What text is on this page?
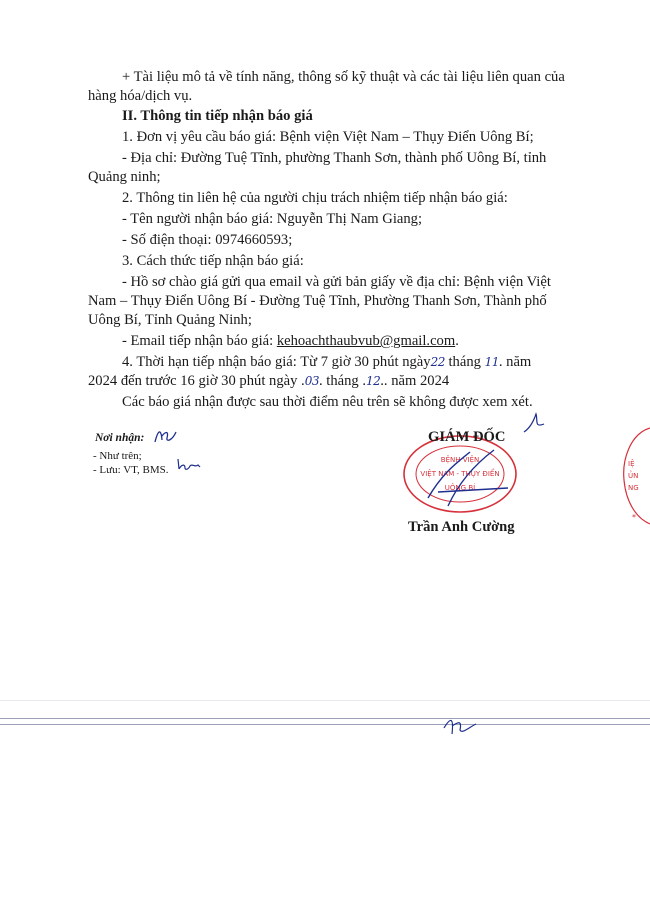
+ Tài liệu mô tả về tính năng, thông số kỹ thuật và các tài liệu liên quan của
hàng hóa/dịch vụ.
II. Thông tin tiếp nhận báo giá
1. Đơn vị yêu cầu báo giá: Bệnh viện Việt Nam – Thụy Điển Uông Bí;
- Địa chỉ: Đường Tuệ Tĩnh, phường Thanh Sơn, thành phố Uông Bí, tỉnh
Quảng ninh;
2. Thông tin liên hệ của người chịu trách nhiệm tiếp nhận báo giá:
- Tên người nhận báo giá: Nguyễn Thị Nam Giang;
- Số điện thoại: 0974660593;
3. Cách thức tiếp nhận báo giá:
- Hồ sơ chào giá gửi qua email và gửi bản giấy về địa chỉ: Bệnh viện Việt
Nam – Thụy Điển Uông Bí - Đường Tuệ Tĩnh, Phường Thanh Sơn, Thành phố
Uông Bí, Tỉnh Quảng Ninh;
- Email tiếp nhận báo giá: kehoachthaubvub@gmail.com.
4. Thời hạn tiếp nhận báo giá: Từ 7 giờ 30 phút ngày22 tháng 11. năm
2024 đến trước 16 giờ 30 phút ngày .03. tháng .12.. năm 2024
Các báo giá nhận được sau thời điểm nêu trên sẽ không được xem xét.
Nơi nhận:
- Như trên;
- Lưu: VT, BMS.
BỆNH VIỆN
VIỆT NAM - THỤY ĐIỂN
UÔNG BÍ
GIÁM ĐỐC
Trần Anh Cường
IỆ
ỦN
NG
*
